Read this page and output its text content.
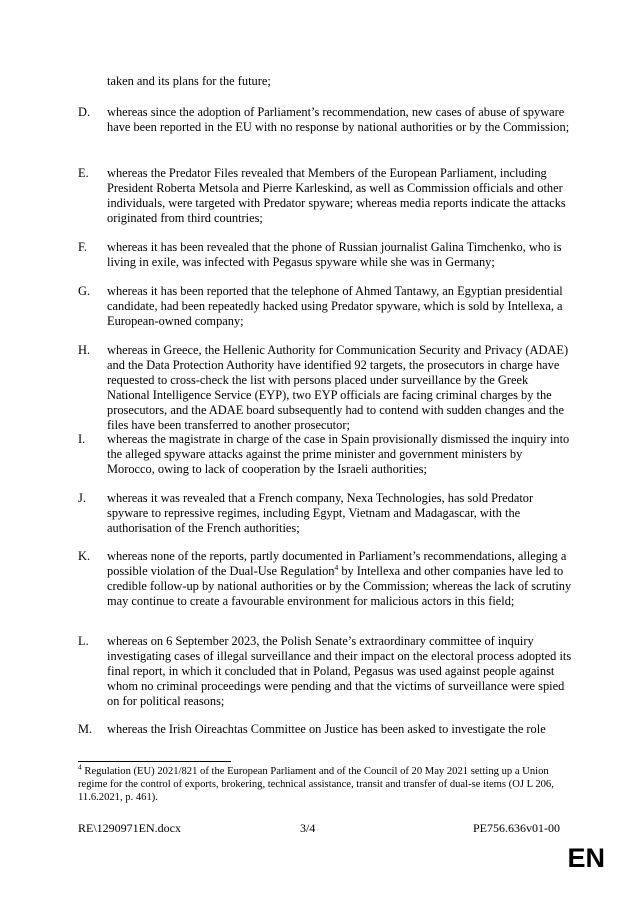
taken and its plans for the future;
D. whereas since the adoption of Parliament’s recommendation, new cases of abuse of spyware have been reported in the EU with no response by national authorities or by the Commission;
E. whereas the Predator Files revealed that Members of the European Parliament, including President Roberta Metsola and Pierre Karleskind, as well as Commission officials and other individuals, were targeted with Predator spyware; whereas media reports indicate the attacks originated from third countries;
F. whereas it has been revealed that the phone of Russian journalist Galina Timchenko, who is living in exile, was infected with Pegasus spyware while she was in Germany;
G. whereas it has been reported that the telephone of Ahmed Tantawy, an Egyptian presidential candidate, had been repeatedly hacked using Predator spyware, which is sold by Intellexa, a European-owned company;
H. whereas in Greece, the Hellenic Authority for Communication Security and Privacy (ADAE) and the Data Protection Authority have identified 92 targets, the prosecutors in charge have requested to cross-check the list with persons placed under surveillance by the Greek National Intelligence Service (EYP), two EYP officials are facing criminal charges by the prosecutors, and the ADAE board subsequently had to contend with sudden changes and the files have been transferred to another prosecutor;
I. whereas the magistrate in charge of the case in Spain provisionally dismissed the inquiry into the alleged spyware attacks against the prime minister and government ministers by Morocco, owing to lack of cooperation by the Israeli authorities;
J. whereas it was revealed that a French company, Nexa Technologies, has sold Predator spyware to repressive regimes, including Egypt, Vietnam and Madagascar, with the authorisation of the French authorities;
K. whereas none of the reports, partly documented in Parliament’s recommendations, alleging a possible violation of the Dual-Use Regulation$^4$ by Intellexa and other companies have led to credible follow-up by national authorities or by the Commission; whereas the lack of scrutiny may continue to create a favourable environment for malicious actors in this field;
L. whereas on 6 September 2023, the Polish Senate’s extraordinary committee of inquiry investigating cases of illegal surveillance and their impact on the electoral process adopted its final report, in which it concluded that in Poland, Pegasus was used against people against whom no criminal proceedings were pending and that the victims of surveillance were spied on for political reasons;
M. whereas the Irish Oireachtas Committee on Justice has been asked to investigate the role
$^4$ Regulation (EU) 2021/821 of the European Parliament and of the Council of 20 May 2021 setting up a Union regime for the control of exports, brokering, technical assistance, transit and transfer of dual-se items (OJ L 206, 11.6.2021, p. 461).
RE\1290971EN.docx	3/4	PE756.636v01-00
EN
